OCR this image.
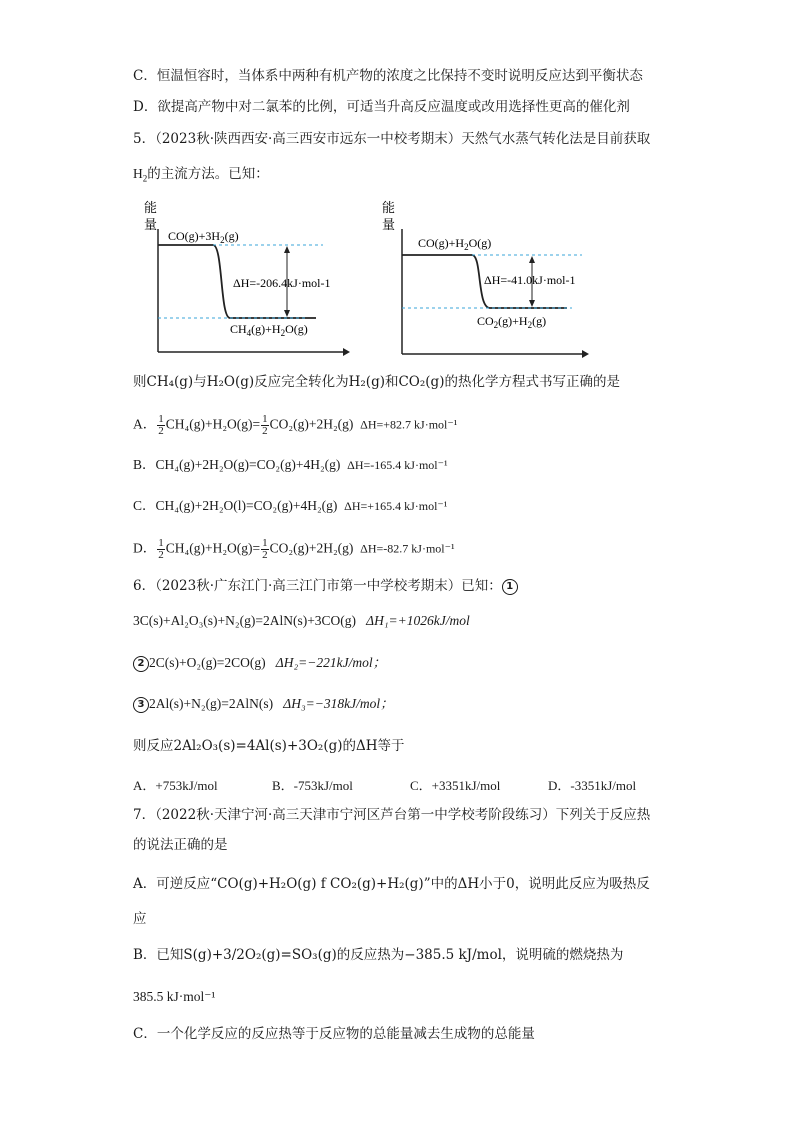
C．恒温恒容时，当体系中两种有机产物的浓度之比保持不变时说明反应达到平衡状态
D．欲提高产物中对二氯苯的比例，可适当升高反应温度或改用选择性更高的催化剂
5．（2023秋·陕西西安·高三西安市远东一中校考期末）天然气水蒸气转化法是目前获取
$H_2$的主流方法。已知：
能
量
$CO(g)+3H_2(g)$
ΔH=-206.4kJ·mol-1
$CH_4(g)+H_2O(g)$
能
量
$CO(g)+H_2O(g)$
ΔH=-41.0kJ·mol-1
$CO_2(g)+H_2(g)$
则CH₄(g)与H₂O(g)反应完全转化为H₂(g)和CO₂(g)的热化学方程式书写正确的是
A． $\frac{1}{2} CH_4(g)+H_2O(g)= \frac{1}{2} CO_2(g)+2H_2(g)$ ΔH=+82.7 kJ·mol⁻¹
B．CH₄(g)+2H₂O(g)=CO₂(g)+4H₂(g) ΔH=-165.4 kJ·mol⁻¹
C．CH₄(g)+2H₂O(l)=CO₂(g)+4H₂(g) ΔH=+165.4 kJ·mol⁻¹
D． $\frac{1}{2} CH_4(g)+H_2O(g)= \frac{1}{2} CO_2(g)+2H_2(g)$ ΔH=-82.7 kJ·mol⁻¹
6．（2023秋·广东江门·高三江门市第一中学校考期末）已知： 1
3C(s)+Al₂O₃(s)+N₂(g)=2AlN(s)+3CO(g) ΔH₁=+1026kJ/mol
2 2C(s)+O₂(g)=2CO(g) ΔH₂=−221kJ/mol；
3 2Al(s)+N₂(g)=2AlN(s) ΔH₃=−318kJ/mol；
则反应2Al₂O₃(s)=4Al(s)+3O₂(g)的ΔH等于
A．+753kJ/mol	B．-753kJ/mol	C．+3351kJ/mol	D．-3351kJ/mol
7．（2022秋·天津宁河·高三天津市宁河区芦台第一中学校考阶段练习）下列关于反应热
的说法正确的是
A．可逆反应“CO(g)+H₂O(g) f CO₂(g)+H₂(g)”中的ΔH小于0，说明此反应为吸热反
应
B．已知S(g)+3/2O₂(g)=SO₃(g)的反应热为−385.5 kJ/mol，说明硫的燃烧热为
385.5 kJ·mol⁻¹
C．一个化学反应的反应热等于反应物的总能量减去生成物的总能量
